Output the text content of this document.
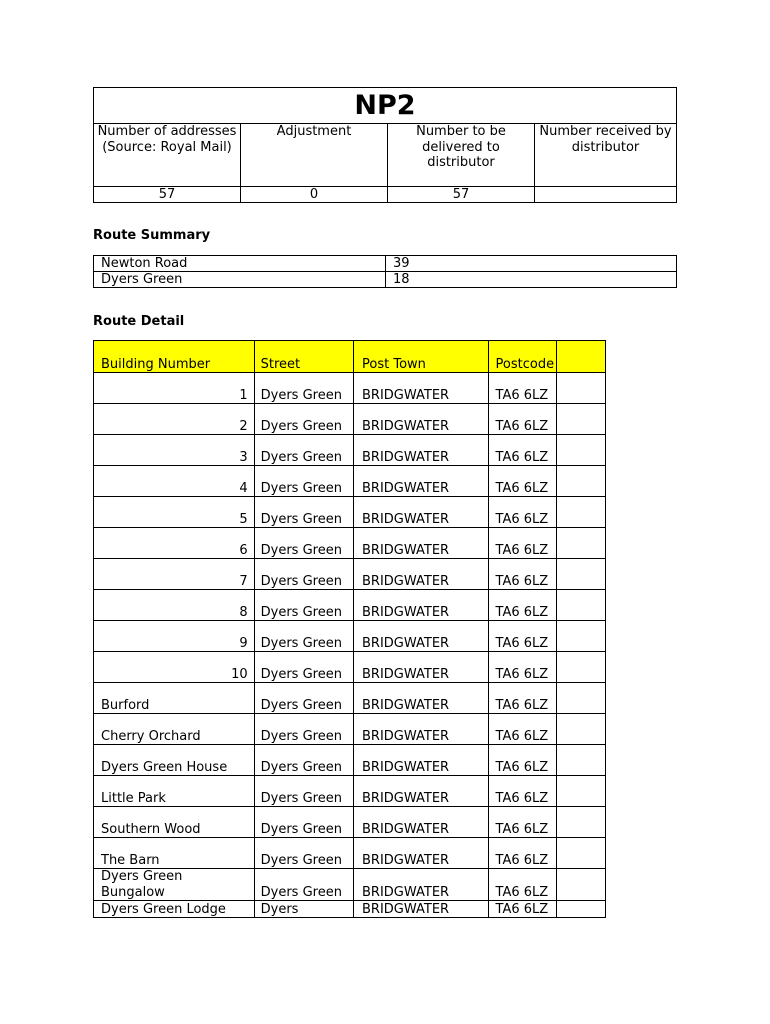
NP2			
Number of addresses (Source: Royal Mail)	Adjustment	Number to be delivered to distributor	Number received by distributor
57	0	57	
Route Summary
Newton Road	39
Dyers Green	18
Route Detail
Building Number	Street	Post Town	Postcode	
1	Dyers Green	BRIDGWATER	TA6 6LZ	
2	Dyers Green	BRIDGWATER	TA6 6LZ	
3	Dyers Green	BRIDGWATER	TA6 6LZ	
4	Dyers Green	BRIDGWATER	TA6 6LZ	
5	Dyers Green	BRIDGWATER	TA6 6LZ	
6	Dyers Green	BRIDGWATER	TA6 6LZ	
7	Dyers Green	BRIDGWATER	TA6 6LZ	
8	Dyers Green	BRIDGWATER	TA6 6LZ	
9	Dyers Green	BRIDGWATER	TA6 6LZ	
10	Dyers Green	BRIDGWATER	TA6 6LZ	
Burford	Dyers Green	BRIDGWATER	TA6 6LZ	
Cherry Orchard	Dyers Green	BRIDGWATER	TA6 6LZ	
Dyers Green House	Dyers Green	BRIDGWATER	TA6 6LZ	
Little Park	Dyers Green	BRIDGWATER	TA6 6LZ	
Southern Wood	Dyers Green	BRIDGWATER	TA6 6LZ	
The Barn	Dyers Green	BRIDGWATER	TA6 6LZ	
Dyers Green Bungalow	Dyers Green	BRIDGWATER	TA6 6LZ	
Dyers Green Lodge	Dyers	BRIDGWATER	TA6 6LZ	
